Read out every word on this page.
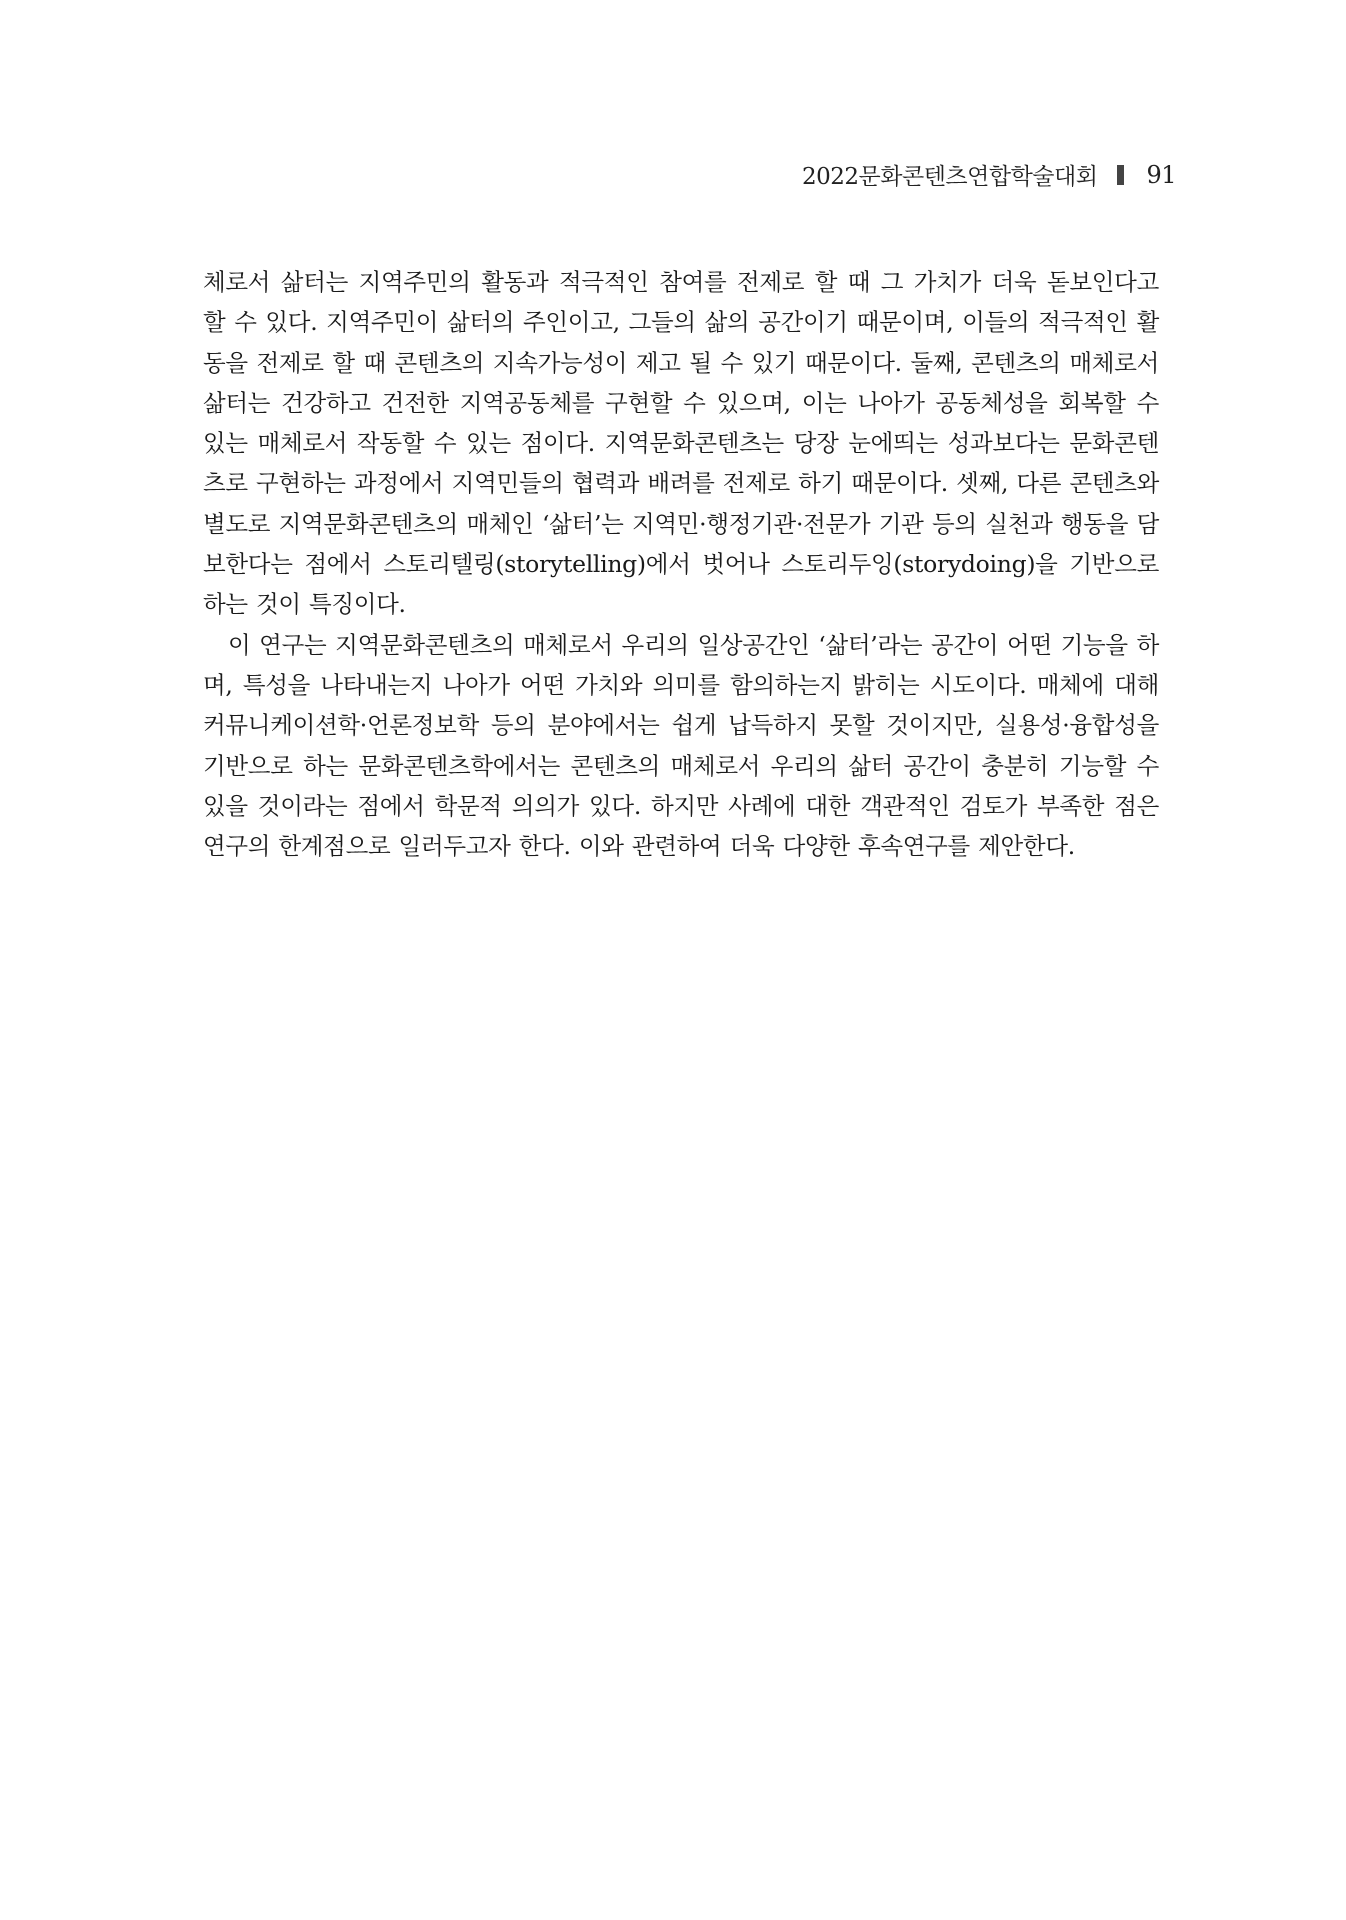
2022문화콘텐츠연합학술대회 91

체로서 삶터는 지역주민의 활동과 적극적인 참여를 전제로 할 때 그 가치가 더욱 돋보인다고 할 수 있다. 지역주민이 삶터의 주인이고, 그들의 삶의 공간이기 때문이며, 이들의 적극적인 활동을 전제로 할 때 콘텐츠의 지속가능성이 제고 될 수 있기 때문이다. 둘째, 콘텐츠의 매체로서 삶터는 건강하고 건전한 지역공동체를 구현할 수 있으며, 이는 나아가 공동체성을 회복할 수 있는 매체로서 작동할 수 있는 점이다. 지역문화콘텐츠는 당장 눈에띄는 성과보다는 문화콘텐츠로 구현하는 과정에서 지역민들의 협력과 배려를 전제로 하기 때문이다. 셋째, 다른 콘텐츠와 별도로 지역문화콘텐츠의 매체인 ‘삶터’는 지역민·행정기관·전문가 기관 등의 실천과 행동을 담보한다는 점에서 스토리텔링(storytelling)에서 벗어나 스토리두잉(storydoing)을 기반으로 하는 것이 특징이다.

이 연구는 지역문화콘텐츠의 매체로서 우리의 일상공간인 ‘삶터’라는 공간이 어떤 기능을 하며, 특성을 나타내는지 나아가 어떤 가치와 의미를 함의하는지 밝히는 시도이다. 매체에 대해 커뮤니케이션학·언론정보학 등의 분야에서는 쉽게 납득하지 못할 것이지만, 실용성·융합성을 기반으로 하는 문화콘텐츠학에서는 콘텐츠의 매체로서 우리의 삶터 공간이 충분히 기능할 수 있을 것이라는 점에서 학문적 의의가 있다. 하지만 사례에 대한 객관적인 검토가 부족한 점은 연구의 한계점으로 일러두고자 한다. 이와 관련하여 더욱 다양한 후속연구를 제안한다.
